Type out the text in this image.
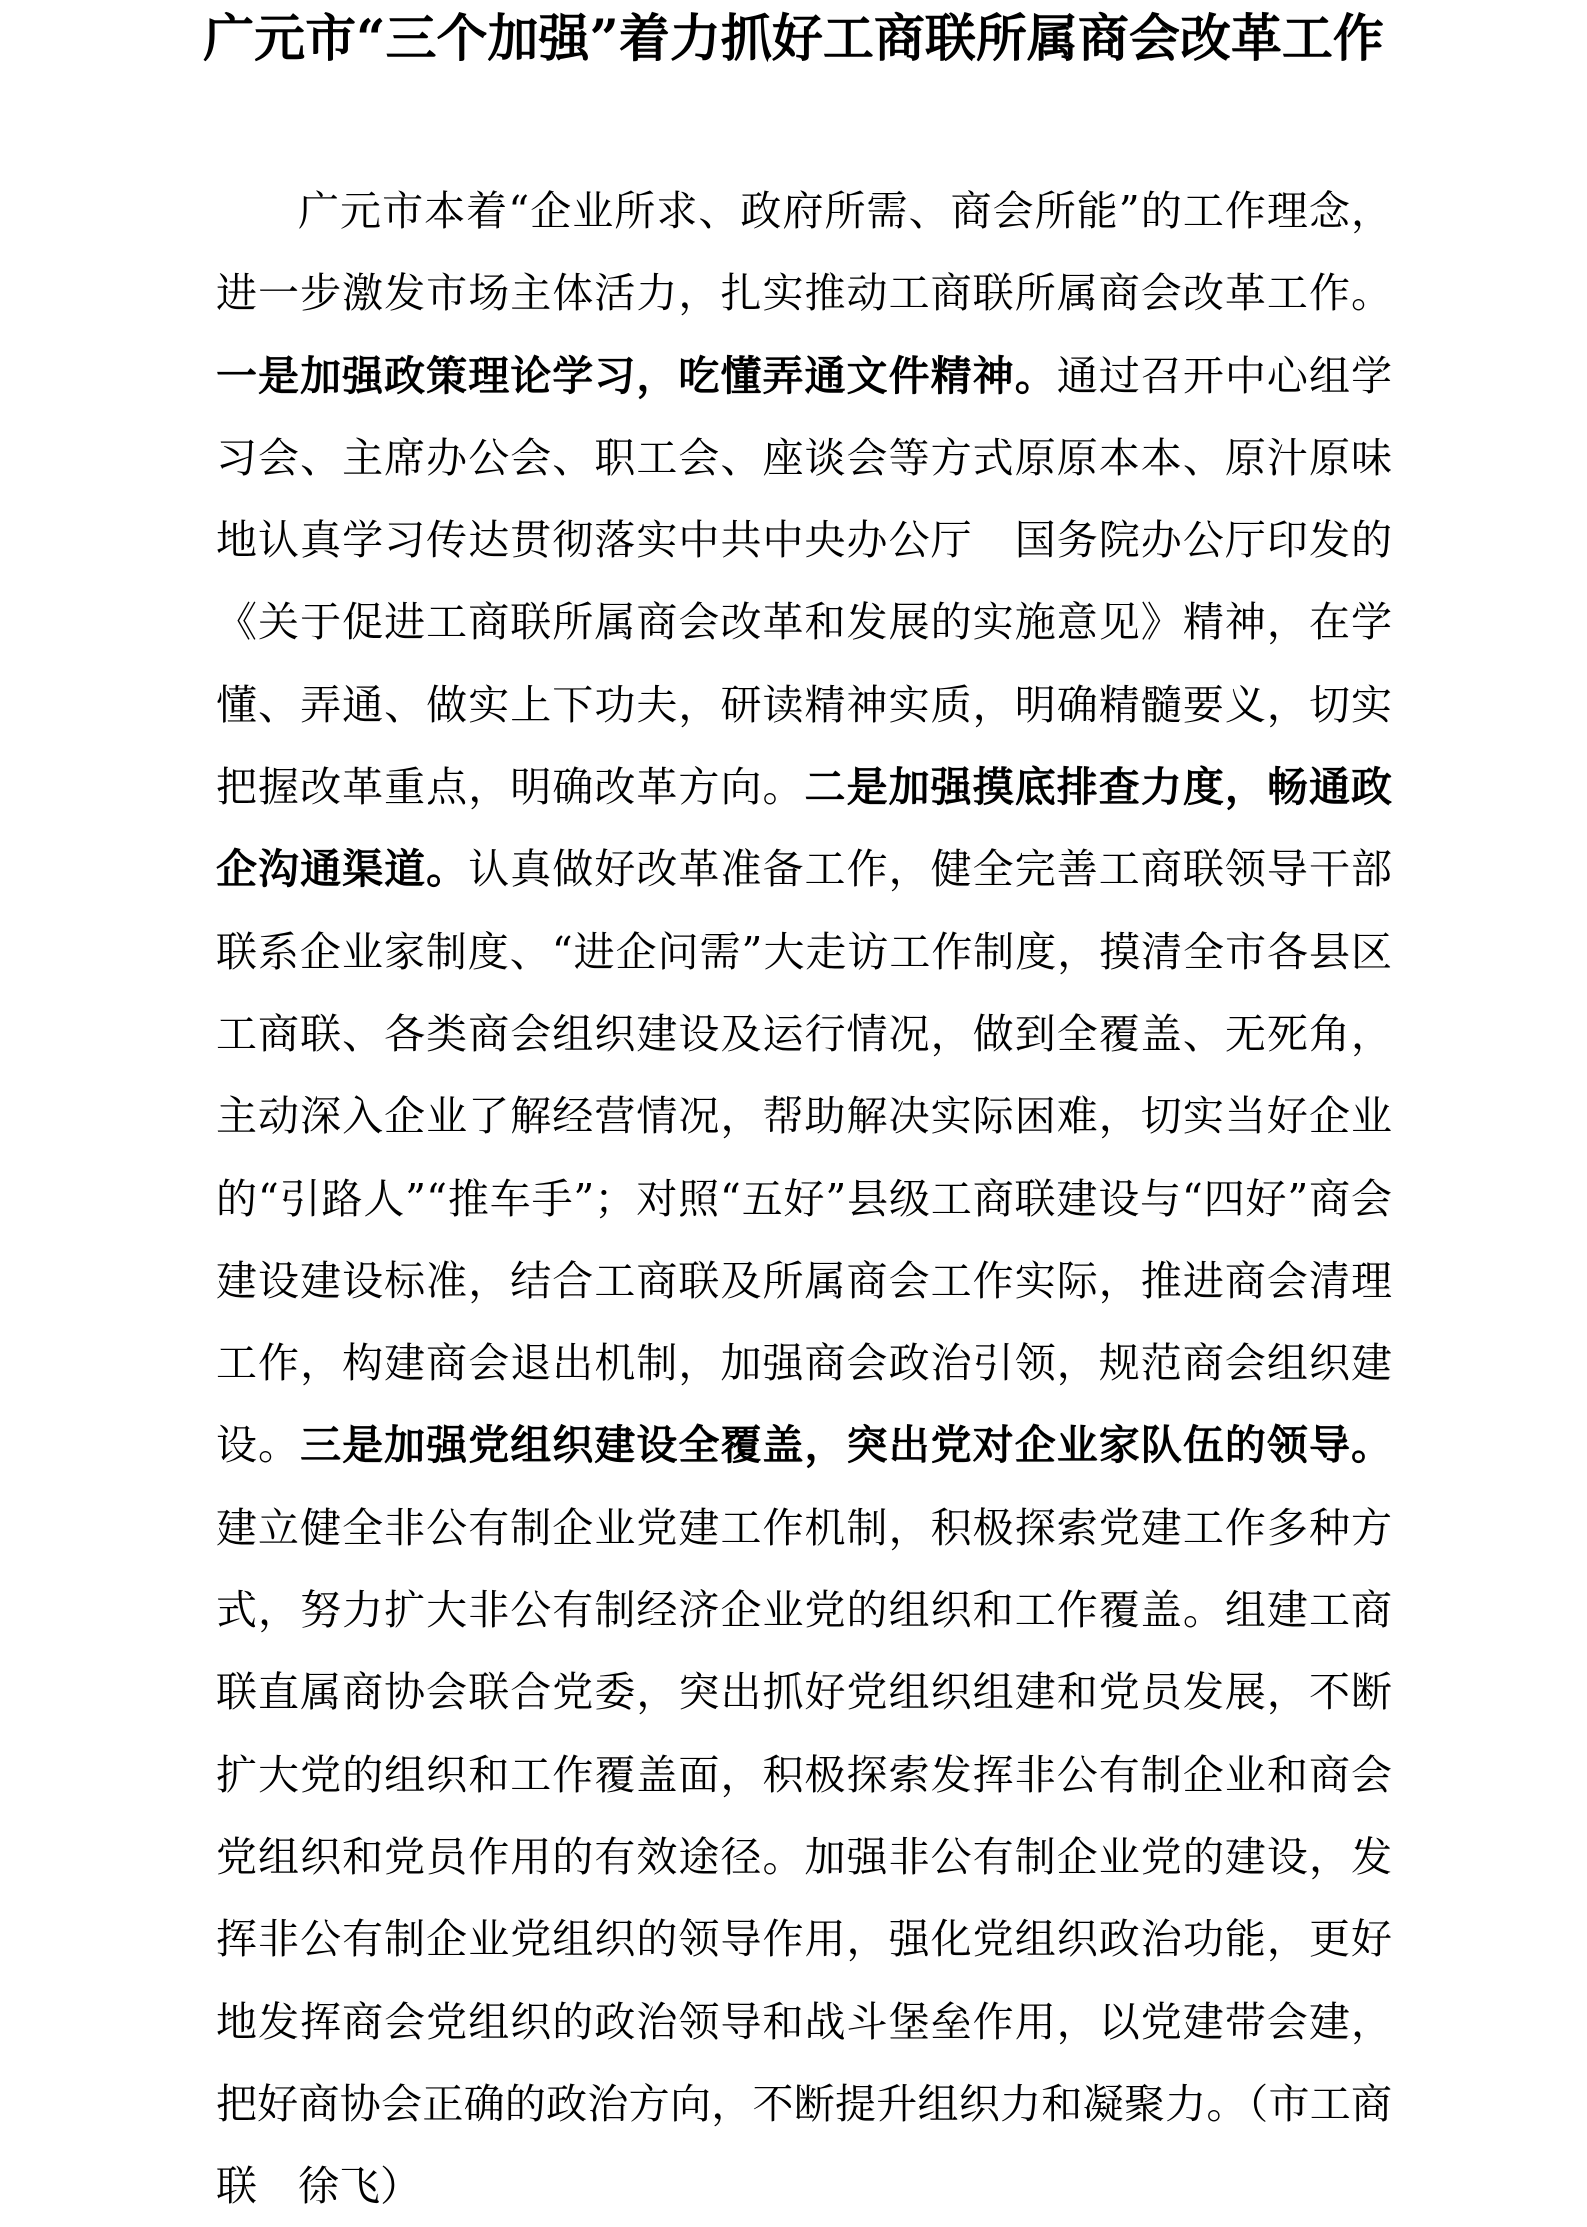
广元市“三个加强”着力抓好工商联所属商会改革工作

广元市本着“企业所求、政府所需、商会所能”的工作理念，进一步激发市场主体活力，扎实推动工商联所属商会改革工作。一是加强政策理论学习，吃懂弄通文件精神。通过召开中心组学习会、主席办公会、职工会、座谈会等方式原原本本、原汁原味地认真学习传达贯彻落实中共中央办公厅　国务院办公厅印发的《关于促进工商联所属商会改革和发展的实施意见》精神，在学懂、弄通、做实上下功夫，研读精神实质，明确精髓要义，切实把握改革重点，明确改革方向。二是加强摸底排查力度，畅通政企沟通渠道。认真做好改革准备工作，健全完善工商联领导干部联系企业家制度、“进企问需”大走访工作制度，摸清全市各县区工商联、各类商会组织建设及运行情况，做到全覆盖、无死角，主动深入企业了解经营情况，帮助解决实际困难，切实当好企业的“引路人”“推车手”；对照“五好”县级工商联建设与“四好”商会建设建设标准，结合工商联及所属商会工作实际，推进商会清理工作，构建商会退出机制，加强商会政治引领，规范商会组织建设。三是加强党组织建设全覆盖，突出党对企业家队伍的领导。建立健全非公有制企业党建工作机制，积极探索党建工作多种方式，努力扩大非公有制经济企业党的组织和工作覆盖。组建工商联直属商协会联合党委，突出抓好党组织组建和党员发展，不断扩大党的组织和工作覆盖面，积极探索发挥非公有制企业和商会党组织和党员作用的有效途径。加强非公有制企业党的建设，发挥非公有制企业党组织的领导作用，强化党组织政治功能，更好地发挥商会党组织的政治领导和战斗堡垒作用，以党建带会建，把好商协会正确的政治方向，不断提升组织力和凝聚力。（市工商联　徐飞）
